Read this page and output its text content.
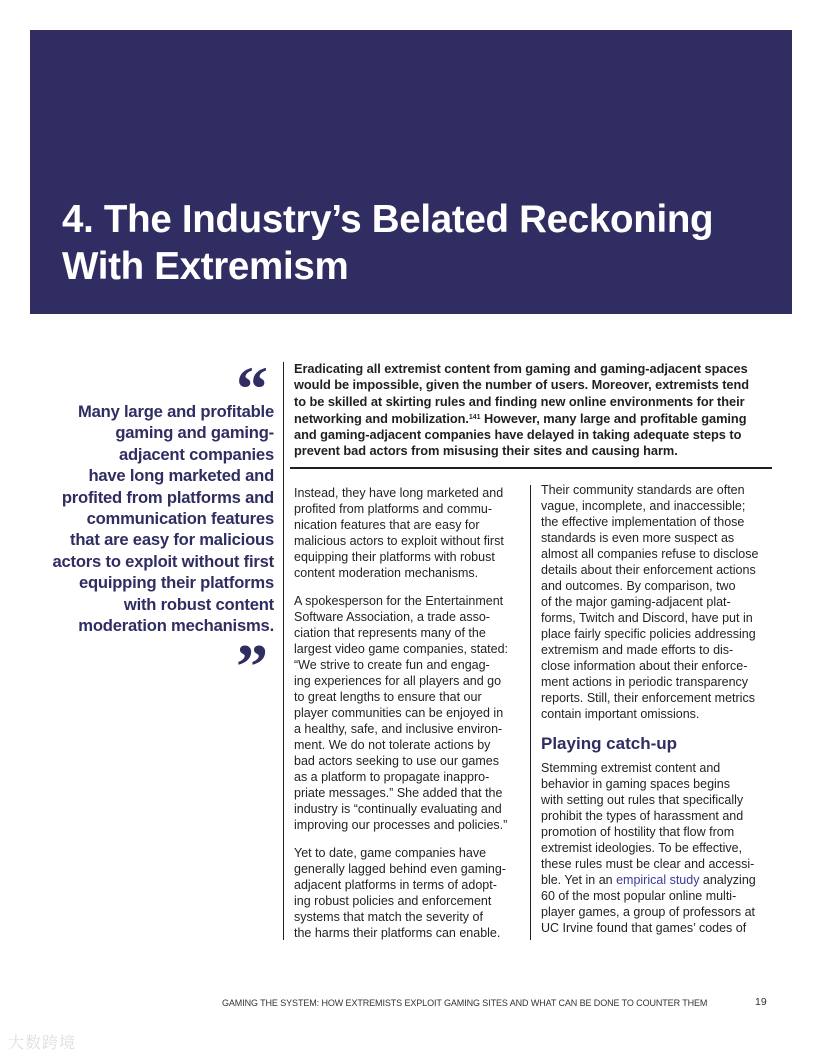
4. The Industry’s Belated Reckoning
With Extremism
“
Many large and profitable
gaming and gaming-
adjacent companies
have long marketed and
profited from platforms and
communication features
that are easy for malicious
actors to exploit without first
equipping their platforms
with robust content
moderation mechanisms.
”
Eradicating all extremist content from gaming and gaming-adjacent spaces
would be impossible, given the number of users. Moreover, extremists tend
to be skilled at skirting rules and finding new online environments for their
networking and mobilization.$^{141}$ However, many large and profitable gaming
and gaming-adjacent companies have delayed in taking adequate steps to
prevent bad actors from misusing their sites and causing harm.

Instead, they have long marketed and
profited from platforms and commu-
nication features that are easy for
malicious actors to exploit without first
equipping their platforms with robust
content moderation mechanisms.

A spokesperson for the Entertainment
Software Association, a trade asso-
ciation that represents many of the
largest video game companies, stated:
“We strive to create fun and engag-
ing experiences for all players and go
to great lengths to ensure that our
player communities can be enjoyed in
a healthy, safe, and inclusive environ-
ment. We do not tolerate actions by
bad actors seeking to use our games
as a platform to propagate inappro-
priate messages.” She added that the
industry is “continually evaluating and
improving our processes and policies.”

Yet to date, game companies have
generally lagged behind even gaming-
adjacent platforms in terms of adopt-
ing robust policies and enforcement
systems that match the severity of
the harms their platforms can enable.

Their community standards are often
vague, incomplete, and inaccessible;
the effective implementation of those
standards is even more suspect as
almost all companies refuse to disclose
details about their enforcement actions
and outcomes. By comparison, two
of the major gaming-adjacent plat-
forms, Twitch and Discord, have put in
place fairly specific policies addressing
extremism and made efforts to dis-
close information about their enforce-
ment actions in periodic transparency
reports. Still, their enforcement metrics
contain important omissions.

Playing catch-up

Stemming extremist content and
behavior in gaming spaces begins
with setting out rules that specifically
prohibit the types of harassment and
promotion of hostility that flow from
extremist ideologies. To be effective,
these rules must be clear and accessi-
ble. Yet in an empirical study analyzing
60 of the most popular online multi-
player games, a group of professors at
UC Irvine found that games’ codes of

GAMING THE SYSTEM: HOW EXTREMISTS EXPLOIT GAMING SITES AND WHAT CAN BE DONE TO COUNTER THEM	19
大数跨境
